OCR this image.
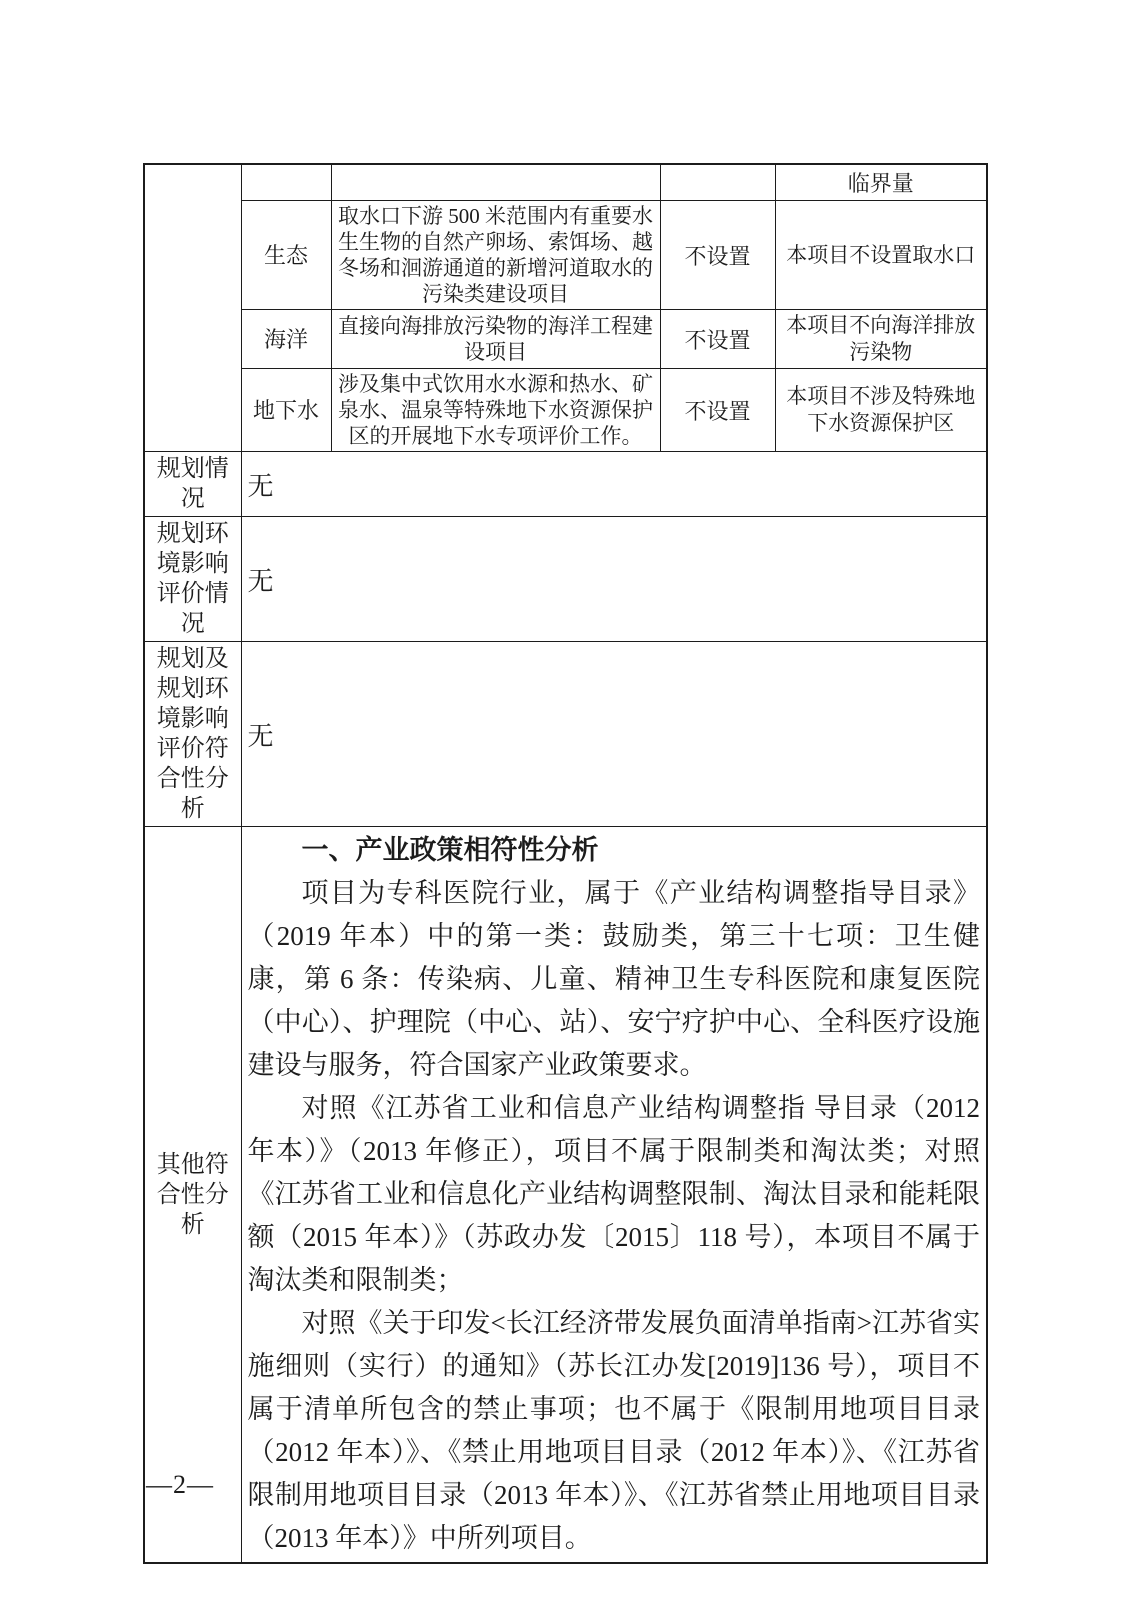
				临界量
	生态	取水口下游 500 米范围内有重要水生生物的自然产卵场、索饵场、越冬场和洄游通道的新增河道取水的污染类建设项目	不设置	本项目不设置取水口
	海洋	直接向海排放污染物的海洋工程建设项目	不设置	本项目不向海洋排放污染物
	地下水	涉及集中式饮用水水源和热水、矿泉水、温泉等特殊地下水资源保护区的开展地下水专项评价工作。	不设置	本项目不涉及特殊地下水资源保护区
规划情况	无			
规划环境影响评价情况	无			
规划及规划环境影响评价符合性分析	无			
其他符合性分析	一、产业政策相符性分析

项目为专科医院行业，属于《产业结构调整指导目录》（2019 年本）中的第一类：鼓励类，第三十七项：卫生健康，第 6 条：传染病、儿童、精神卫生专科医院和康复医院（中心）、护理院（中心、站）、安宁疗护中心、全科医疗设施建设与服务，符合国家产业政策要求。

对照《江苏省工业和信息产业结构调整指 导目录（2012 年本）》（2013 年修正），项目不属于限制类和淘汰类；对照《江苏省工业和信息化产业结构调整限制、淘汰目录和能耗限额（2015 年本）》（苏政办发〔2015〕118 号），本项目不属于淘汰类和限制类；

对照《关于印发<长江经济带发展负面清单指南>江苏省实施细则（实行）的通知》（苏长江办发[2019]136 号），项目不属于清单所包含的禁止事项；也不属于《限制用地项目目录（2012 年本）》、《禁止用地项目目录（2012 年本）》、《江苏省限制用地项目目录（2013 年本）》、《江苏省禁止用地项目目录（2013 年本）》中所列项目。			

—2—
